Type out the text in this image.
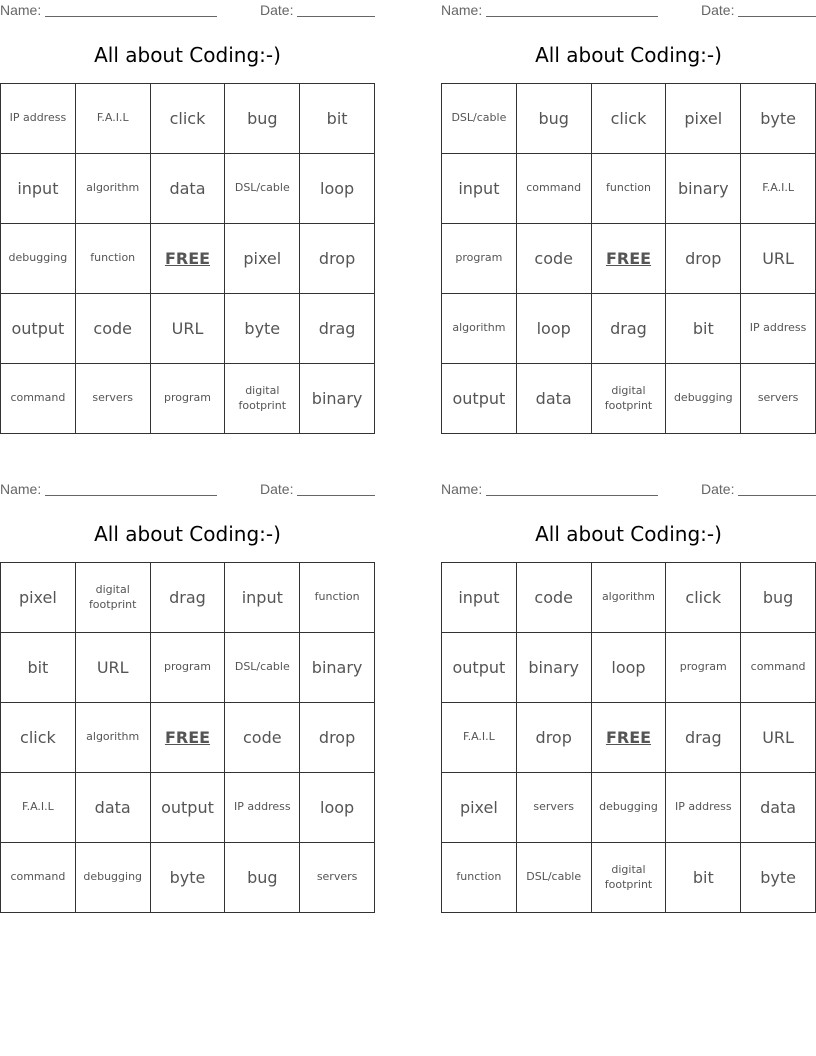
Name:	Date:
All about Coding:-)
IP address	F.A.I.L	click	bug	bit
input	algorithm	data	DSL/cable	loop
debugging	function	FREE	pixel	drop
output	code	URL	byte	drag
command	servers	program	digital footprint	binary
Name:	Date:
All about Coding:-)
DSL/cable	bug	click	pixel	byte
input	command	function	binary	F.A.I.L
program	code	FREE	drop	URL
algorithm	loop	drag	bit	IP address
output	data	digital footprint	debugging	servers
Name:	Date:
All about Coding:-)
pixel	digital footprint	drag	input	function
bit	URL	program	DSL/cable	binary
click	algorithm	FREE	code	drop
F.A.I.L	data	output	IP address	loop
command	debugging	byte	bug	servers
Name:	Date:
All about Coding:-)
input	code	algorithm	click	bug
output	binary	loop	program	command
F.A.I.L	drop	FREE	drag	URL
pixel	servers	debugging	IP address	data
function	DSL/cable	digital footprint	bit	byte
